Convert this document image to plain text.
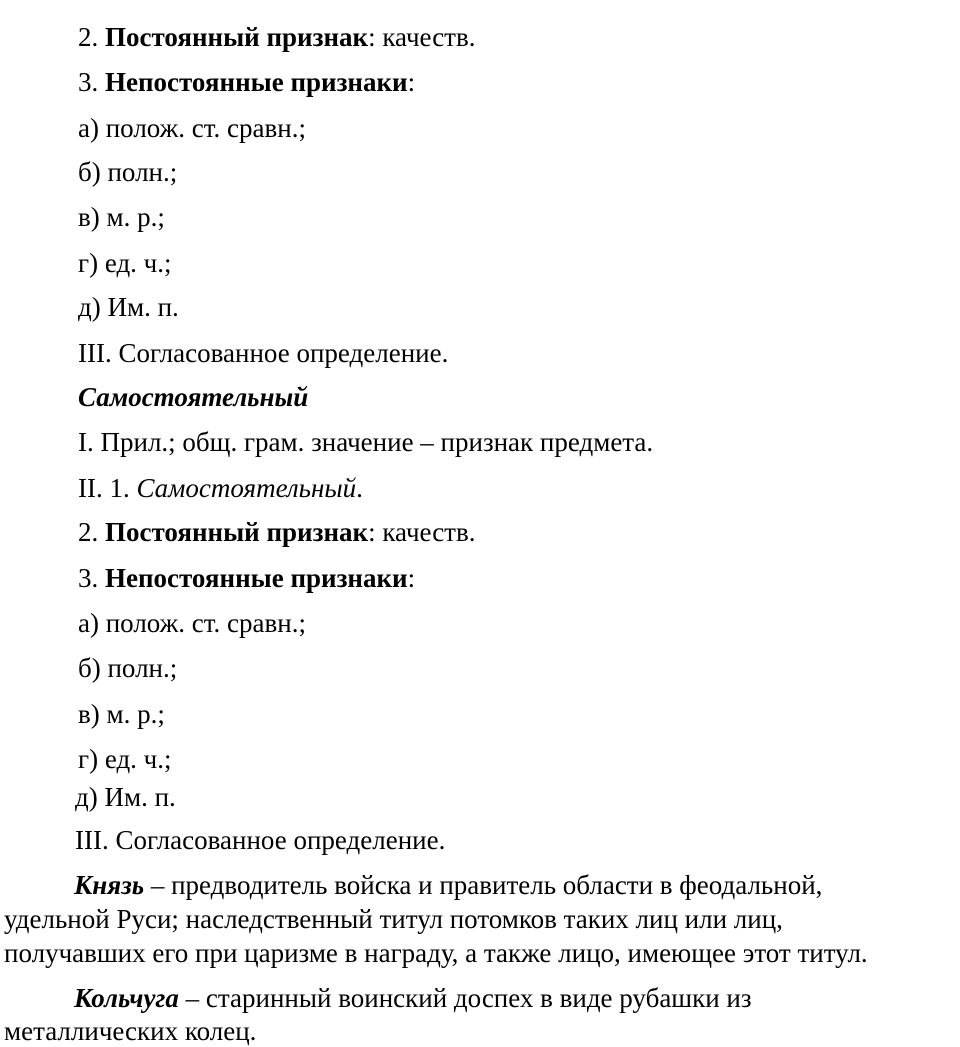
2. Постоянный признак: качеств.
3. Непостоянные признаки:
а) полож. ст. сравн.;
б) полн.;
в) м. р.;
г) ед. ч.;
д) Им. п.
III. Согласованное определение.
Самостоятельный
I. Прил.; общ. грам. значение – признак предмета.
II. 1. Самостоятельный.
2. Постоянный признак: качеств.
3. Непостоянные признаки:
а) полож. ст. сравн.;
б) полн.;
в) м. р.;
г) ед. ч.;
д) Им. п.
III. Согласованное определение.
Князь – предводитель войска и правитель области в феодальной,
удельной Руси; наследственный титул потомков таких лиц или лиц,
получавших его при царизме в награду, а также лицо, имеющее этот титул.
Кольчуга – старинный воинский доспех в виде рубашки из
металлических колец.
